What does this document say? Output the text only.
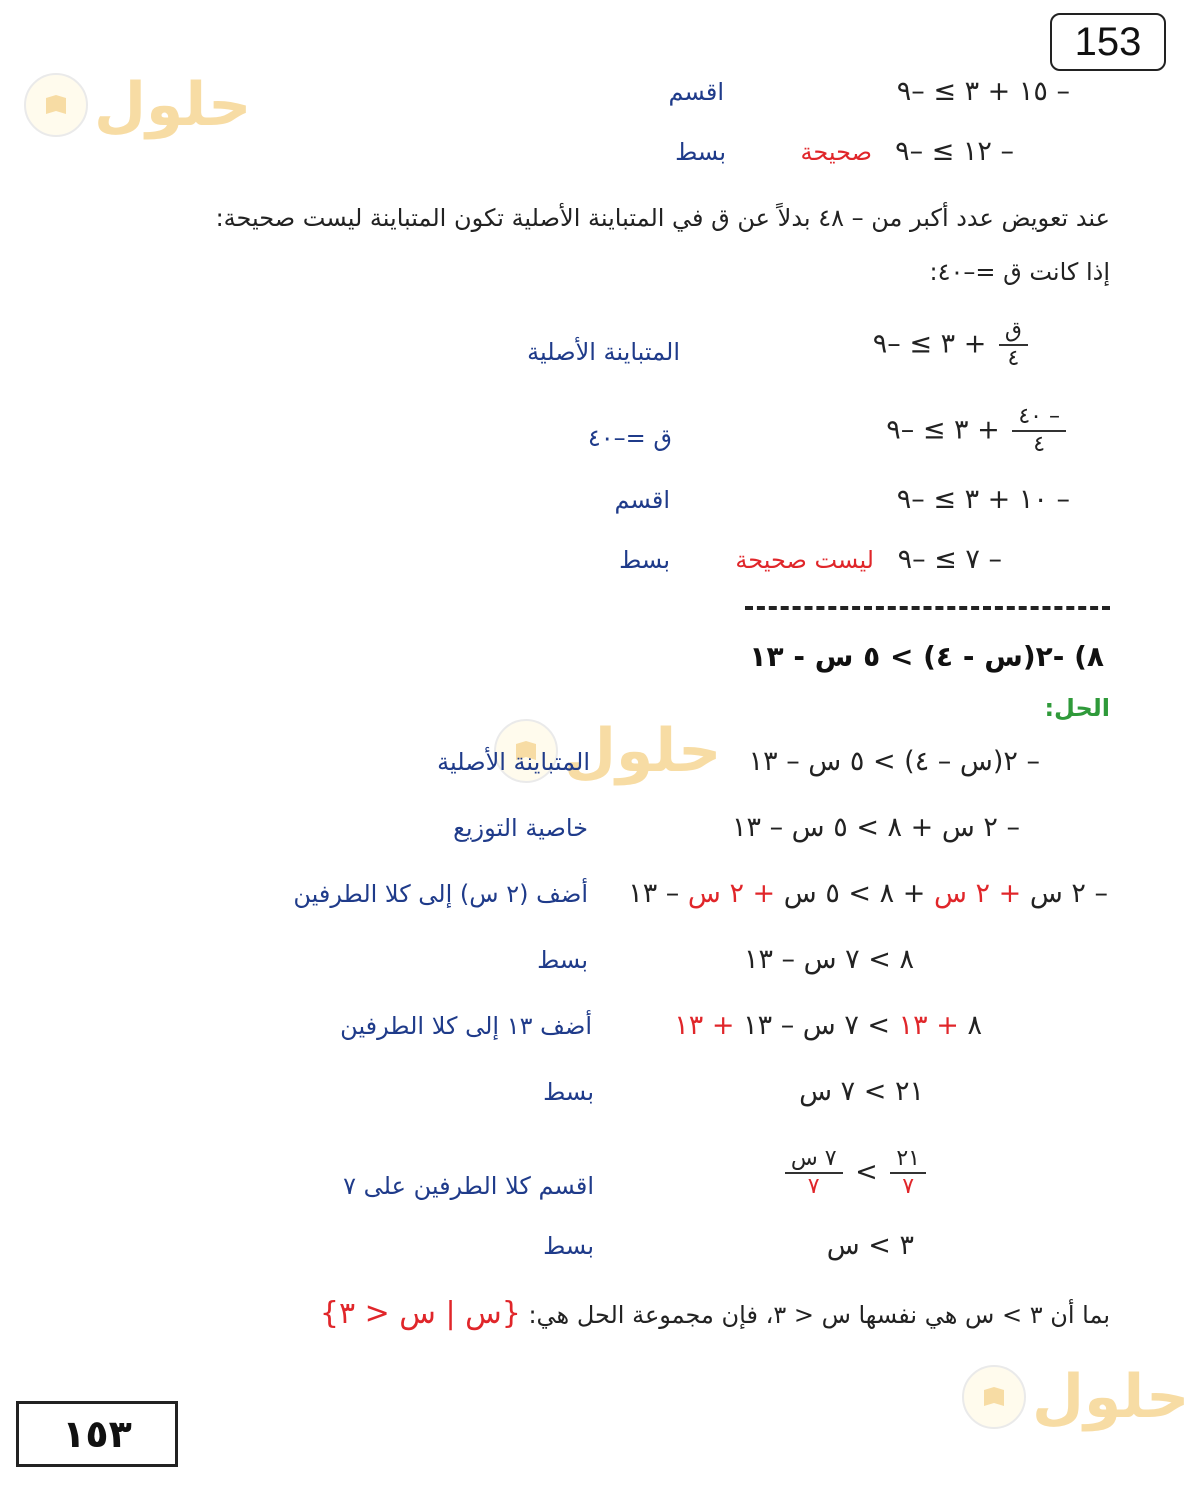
153
حلول
حلول
حلول
– ١٥ + ٣ ≥ –٩
اقسم
– ١٢ ≥ –٩
صحيحة
بسط
عند تعويض عدد أكبر من – ٤٨ بدلاً عن ق في المتباينة الأصلية تكون المتباينة ليست صحيحة:
إذا كانت ق =–٤٠:
$\frac{\text{ق}}{٤}$
+ ٣ ≥ –٩
المتباينة الأصلية
$\frac{- ٤٠}{٤}$
+ ٣ ≥ –٩
ق =–٤٠
– ١٠ + ٣ ≥ –٩
اقسم
– ٧ ≥ –٩
ليست صحيحة
بسط
٨) -٢(س - ٤) > ٥ س - ١٣
الحل:
– ٢(س – ٤) > ٥ س – ١٣
المتباينة الأصلية
– ٢ س + ٨ > ٥ س – ١٣
خاصية التوزيع
– ٢ س + ٢ س + ٨ > ٥ س + ٢ س – ١٣
أضف (٢ س) إلى كلا الطرفين
٨ > ٧ س – ١٣
بسط
٨ + ١٣ > ٧ س – ١٣ + ١٣
أضف ١٣ إلى كلا الطرفين
٢١ > ٧ س
بسط
$\frac{٢١}{٧}$
>
$\frac{\text{٧ س}}{٧}$
اقسم كلا الطرفين على ٧
٣ > س
بسط
بما أن ٣ > س هي نفسها س < ٣، فإن مجموعة الحل هي: {س | س < ٣}
١٥٣
